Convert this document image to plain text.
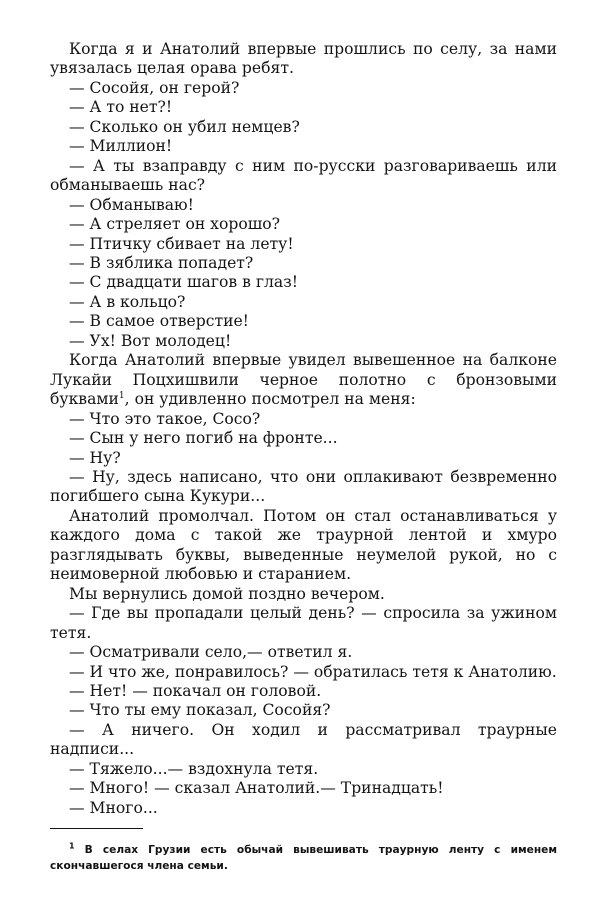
Когда я и Анатолий впервые прошлись по селу, за нами увязалась целая орава ребят.

— Сосойя, он герой?

— А то нет?!

— Сколько он убил немцев?

— Миллион!

— А ты взаправду с ним по-русски разговариваешь или обманываешь нас?

— Обманываю!

— А стреляет он хорошо?

— Птичку сбивает на лету!

— В зяблика попадет?

— С двадцати шагов в глаз!

— А в кольцо?

— В самое отверстие!

— Ух! Вот молодец!

Когда Анатолий впервые увидел вывешенное на балконе Лукайи Поцхишвили черное полотно с бронзовыми буквами$^1$, он удивленно посмотрел на меня:

— Что это такое, Сосо?

— Сын у него погиб на фронте...

— Ну?

— Ну, здесь написано, что они оплакивают безвременно погибшего сына Кукури...

Анатолий промолчал. Потом он стал останавливаться у каждого дома с такой же траурной лентой и хмуро разглядывать буквы, выведенные неумелой рукой, но с неимоверной любовью и старанием.

Мы вернулись домой поздно вечером.

— Где вы пропадали целый день? — спросила за ужином тетя.

— Осматривали село,— ответил я.

— И что же, понравилось? — обратилась тетя к Анатолию.

— Нет! — покачал он головой.

— Что ты ему показал, Сосойя?

— А ничего. Он ходил и рассматривал траурные надписи...

— Тяжело...— вздохнула тетя.

— Много! — сказал Анатолий.— Тринадцать!

— Много...

$^1$ В селах Грузии есть обычай вывешивать траурную ленту с именем скончавшегося члена семьи.
